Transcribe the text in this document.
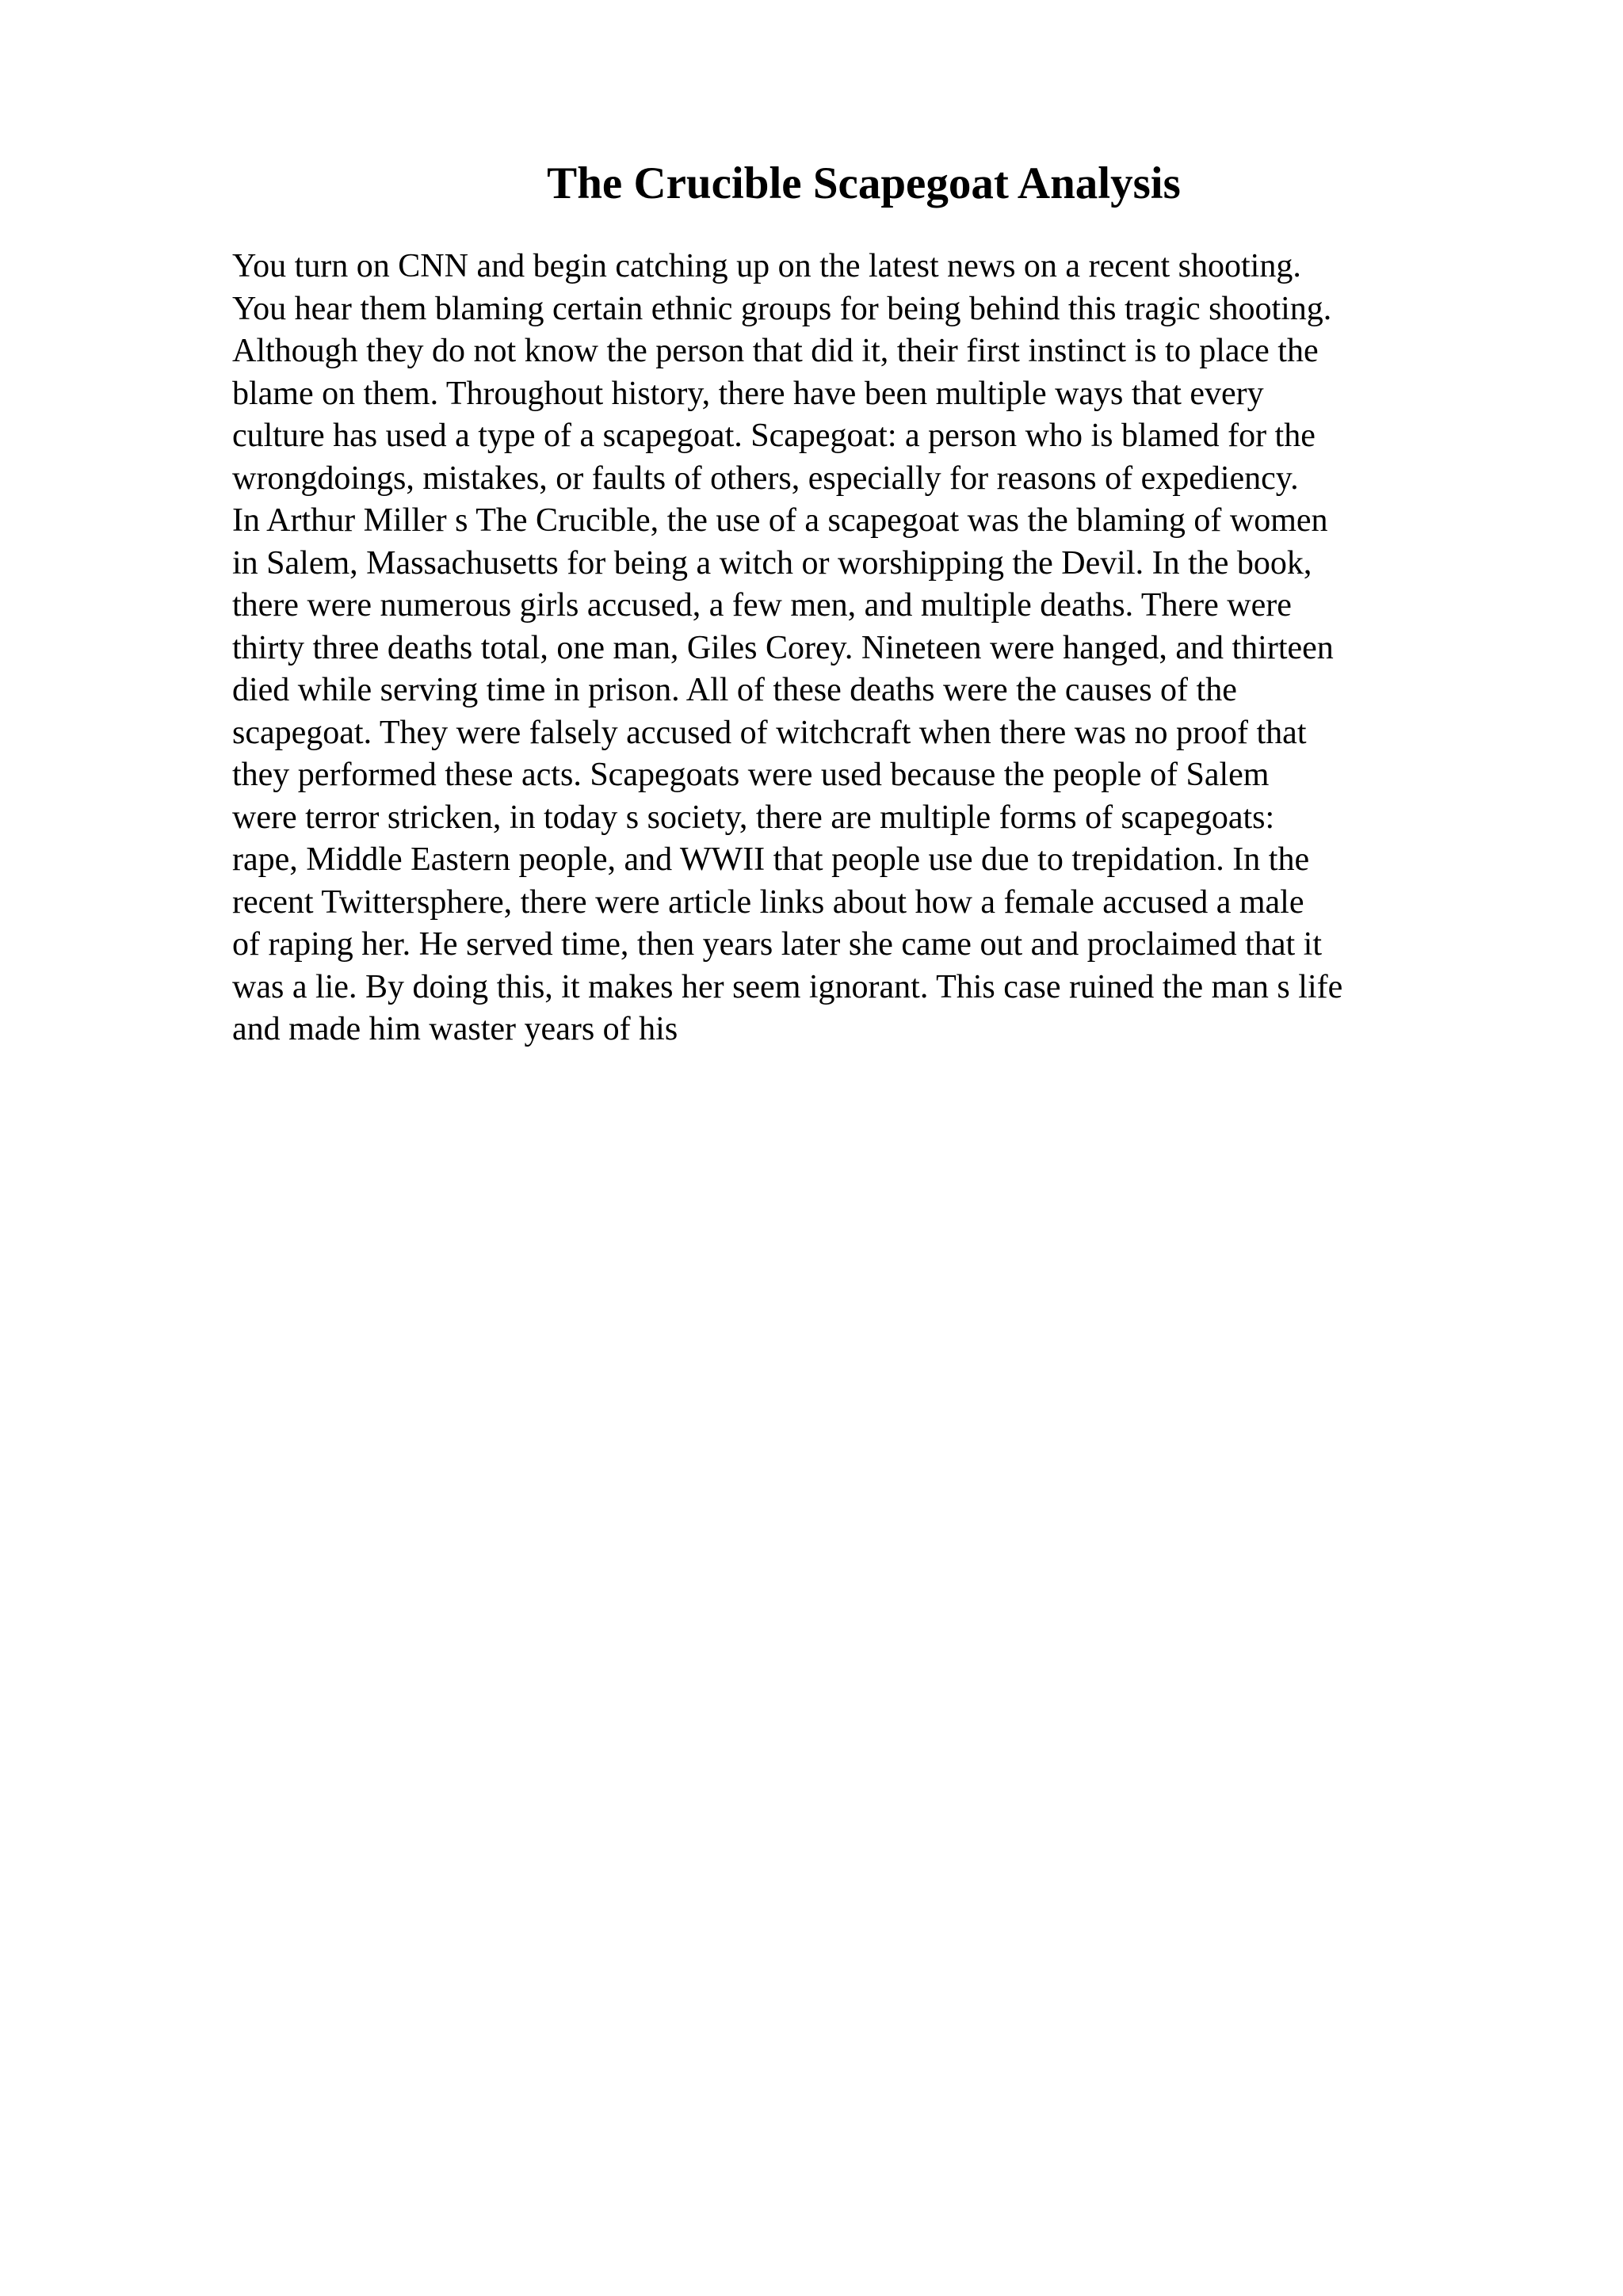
The Crucible Scapegoat Analysis
You turn on CNN and begin catching up on the latest news on a recent shooting.
You hear them blaming certain ethnic groups for being behind this tragic shooting.
Although they do not know the person that did it, their first instinct is to place the
blame on them. Throughout history, there have been multiple ways that every
culture has used a type of a scapegoat. Scapegoat: a person who is blamed for the
wrongdoings, mistakes, or faults of others, especially for reasons of expediency.
In Arthur Miller s The Crucible, the use of a scapegoat was the blaming of women
in Salem, Massachusetts for being a witch or worshipping the Devil. In the book,
there were numerous girls accused, a few men, and multiple deaths. There were
thirty three deaths total, one man, Giles Corey. Nineteen were hanged, and thirteen
died while serving time in prison. All of these deaths were the causes of the
scapegoat. They were falsely accused of witchcraft when there was no proof that
they performed these acts. Scapegoats were used because the people of Salem
were terror stricken, in today s society, there are multiple forms of scapegoats:
rape, Middle Eastern people, and WWII that people use due to trepidation. In the
recent Twittersphere, there were article links about how a female accused a male
of raping her. He served time, then years later she came out and proclaimed that it
was a lie. By doing this, it makes her seem ignorant. This case ruined the man s life
and made him waster years of his
